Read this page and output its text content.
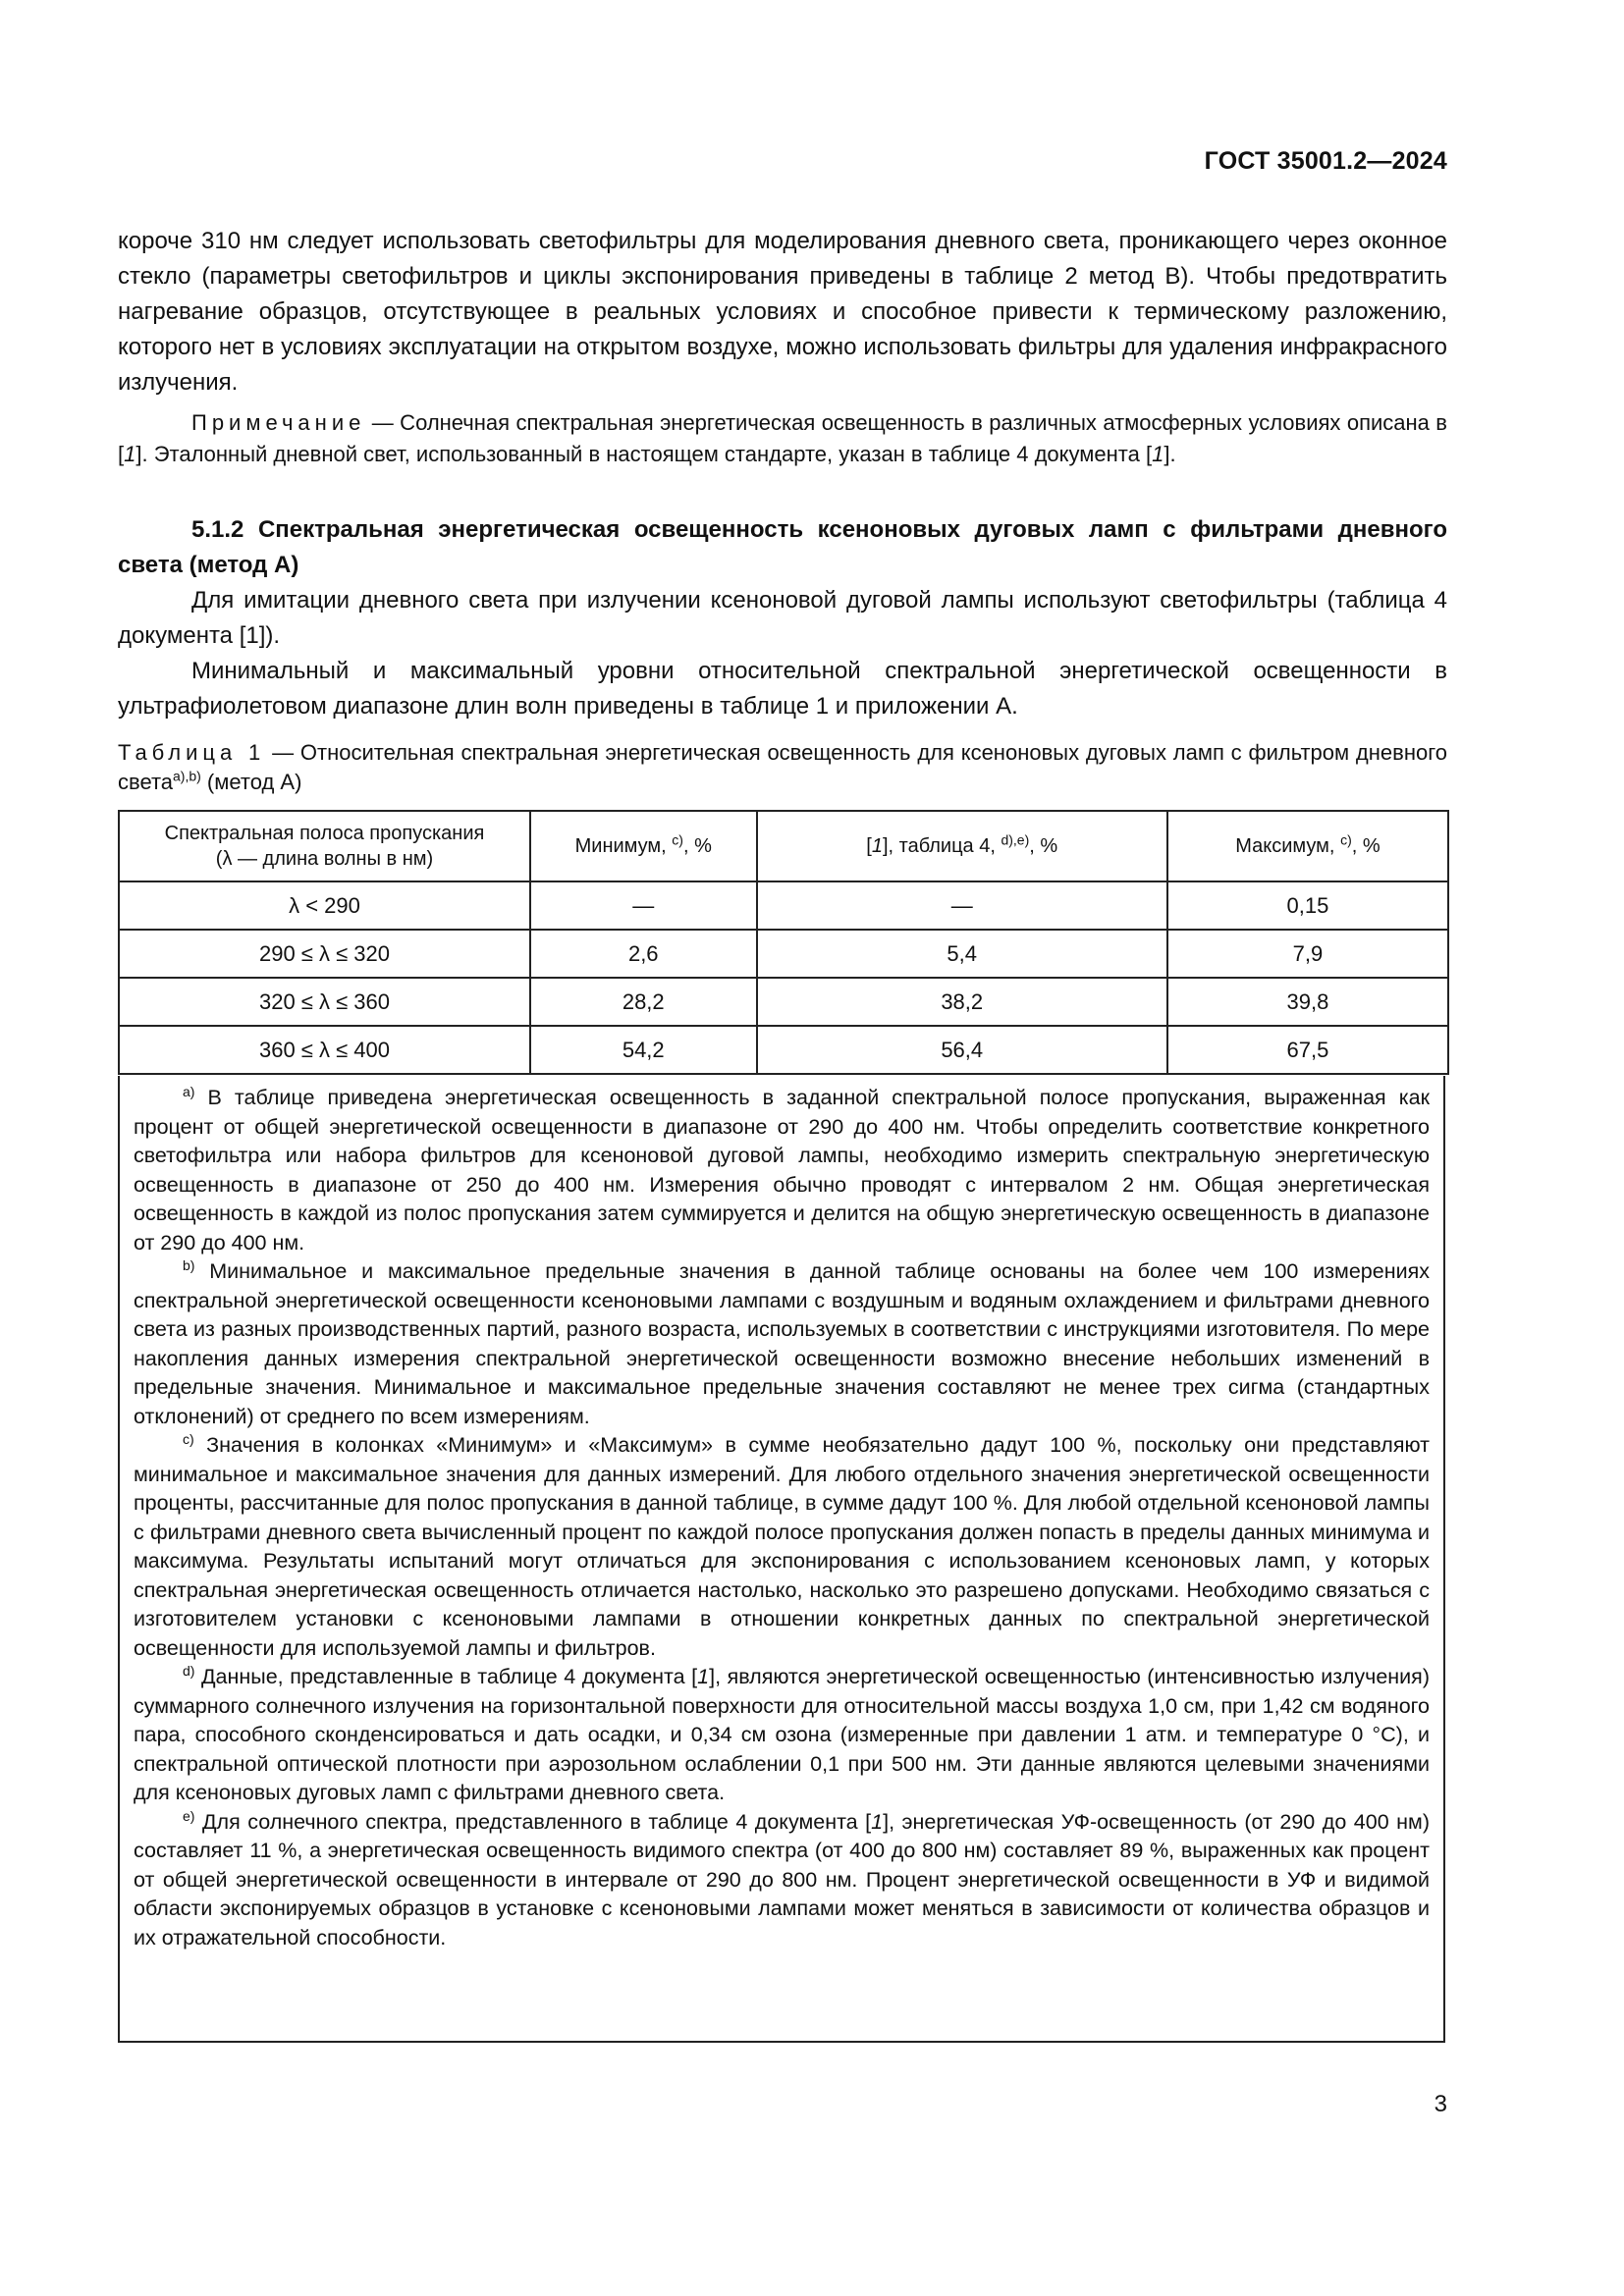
ГОСТ 35001.2—2024

короче 310 нм следует использовать светофильтры для моделирования дневного света, проникающего через оконное стекло (параметры светофильтров и циклы экспонирования приведены в таблице 2 метод B). Чтобы предотвратить нагревание образцов, отсутствующее в реальных условиях и способное привести к термическому разложению, которого нет в условиях эксплуатации на открытом воздухе, можно использовать фильтры для удаления инфракрасного излучения.

Примечание — Солнечная спектральная энергетическая освещенность в различных атмосферных условиях описана в [1]. Эталонный дневной свет, использованный в настоящем стандарте, указан в таблице 4 документа [1].
5.1.2 Спектральная энергетическая освещенность ксеноновых дуговых ламп с фильтрами дневного света (метод А)

Для имитации дневного света при излучении ксеноновой дуговой лампы используют светофильтры (таблица 4 документа [1]).

Минимальный и максимальный уровни относительной спектральной энергетической освещенности в ультрафиолетовом диапазоне длин волн приведены в таблице 1 и приложении А.

Таблица 1 — Относительная спектральная энергетическая освещенность для ксеноновых дуговых ламп с фильтром дневного света$^{a),b)}$ (метод А)
Спектральная полоса пропускания
(λ — длина волны в нм)	Минимум, $^{c)}$, %	[1], таблица 4, $^{d),e)}$, %	Максимум, $^{c)}$, %
λ < 290	—	—	0,15
290 ≤ λ ≤ 320	2,6	5,4	7,9
320 ≤ λ ≤ 360	28,2	38,2	39,8
360 ≤ λ ≤ 400	54,2	56,4	67,5

$^{a)}$ В таблице приведена энергетическая освещенность в заданной спектральной полосе пропускания, выраженная как процент от общей энергетической освещенности в диапазоне от 290 до 400 нм. Чтобы определить соответствие конкретного светофильтра или набора фильтров для ксеноновой дуговой лампы, необходимо измерить спектральную энергетическую освещенность в диапазоне от 250 до 400 нм. Измерения обычно проводят с интервалом 2 нм. Общая энергетическая освещенность в каждой из полос пропускания затем суммируется и делится на общую энергетическую освещенность в диапазоне от 290 до 400 нм.

$^{b)}$ Минимальное и максимальное предельные значения в данной таблице основаны на более чем 100 измерениях спектральной энергетической освещенности ксеноновыми лампами с воздушным и водяным охлаждением и фильтрами дневного света из разных производственных партий, разного возраста, используемых в соответствии с инструкциями изготовителя. По мере накопления данных измерения спектральной энергетической освещенности возможно внесение небольших изменений в предельные значения. Минимальное и максимальное предельные значения составляют не менее трех сигма (стандартных отклонений) от среднего по всем измерениям.

$^{c)}$ Значения в колонках «Минимум» и «Максимум» в сумме необязательно дадут 100 %, поскольку они представляют минимальное и максимальное значения для данных измерений. Для любого отдельного значения энергетической освещенности проценты, рассчитанные для полос пропускания в данной таблице, в сумме дадут 100 %. Для любой отдельной ксеноновой лампы с фильтрами дневного света вычисленный процент по каждой полосе пропускания должен попасть в пределы данных минимума и максимума. Результаты испытаний могут отличаться для экспонирования с использованием ксеноновых ламп, у которых спектральная энергетическая освещенность отличается настолько, насколько это разрешено допусками. Необходимо связаться с изготовителем установки с ксеноновыми лампами в отношении конкретных данных по спектральной энергетической освещенности для используемой лампы и фильтров.

$^{d)}$ Данные, представленные в таблице 4 документа [1], являются энергетической освещенностью (интенсивностью излучения) суммарного солнечного излучения на горизонтальной поверхности для относительной массы воздуха 1,0 см, при 1,42 см водяного пара, способного сконденсироваться и дать осадки, и 0,34 см озона (измеренные при давлении 1 атм. и температуре 0 °C), и спектральной оптической плотности при аэрозольном ослаблении 0,1 при 500 нм. Эти данные являются целевыми значениями для ксеноновых дуговых ламп с фильтрами дневного света.

$^{e)}$ Для солнечного спектра, представленного в таблице 4 документа [1], энергетическая УФ-освещенность (от 290 до 400 нм) составляет 11 %, а энергетическая освещенность видимого спектра (от 400 до 800 нм) составляет 89 %, выраженных как процент от общей энергетической освещенности в интервале от 290 до 800 нм. Процент энергетической освещенности в УФ и видимой области экспонируемых образцов в установке с ксеноновыми лампами может меняться в зависимости от количества образцов и их отражательной способности.

3
